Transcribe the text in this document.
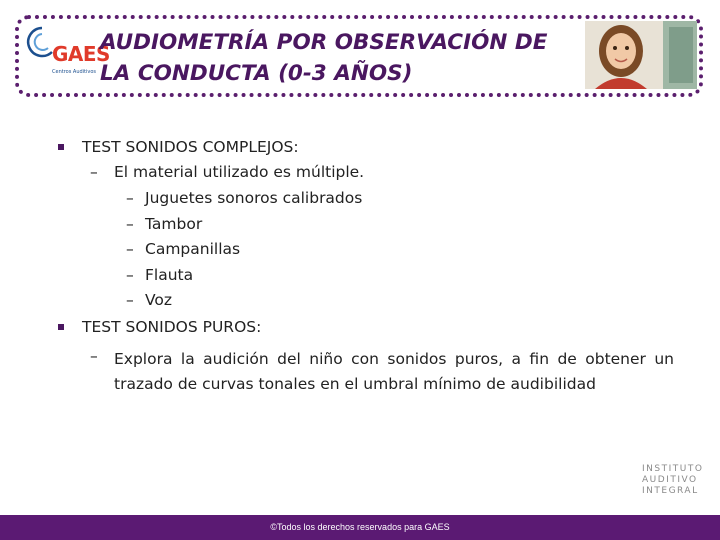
GAES
Centros Auditivos
AUDIOMETRÍA POR OBSERVACIÓN DE
LA CONDUCTA (0-3 AÑOS)
TEST SONIDOS COMPLEJOS:
– El material utilizado es múltiple.
– Juguetes sonoros calibrados
– Tambor
– Campanillas
– Flauta
– Voz
TEST SONIDOS PUROS:
– Explora la audición del niño con sonidos puros, a fin de obtener un trazado de curvas tonales en el umbral mínimo de audibilidad
INSTITUTO
AUDITIVO
INTEGRAL
©Todos los derechos reservados para GAES
